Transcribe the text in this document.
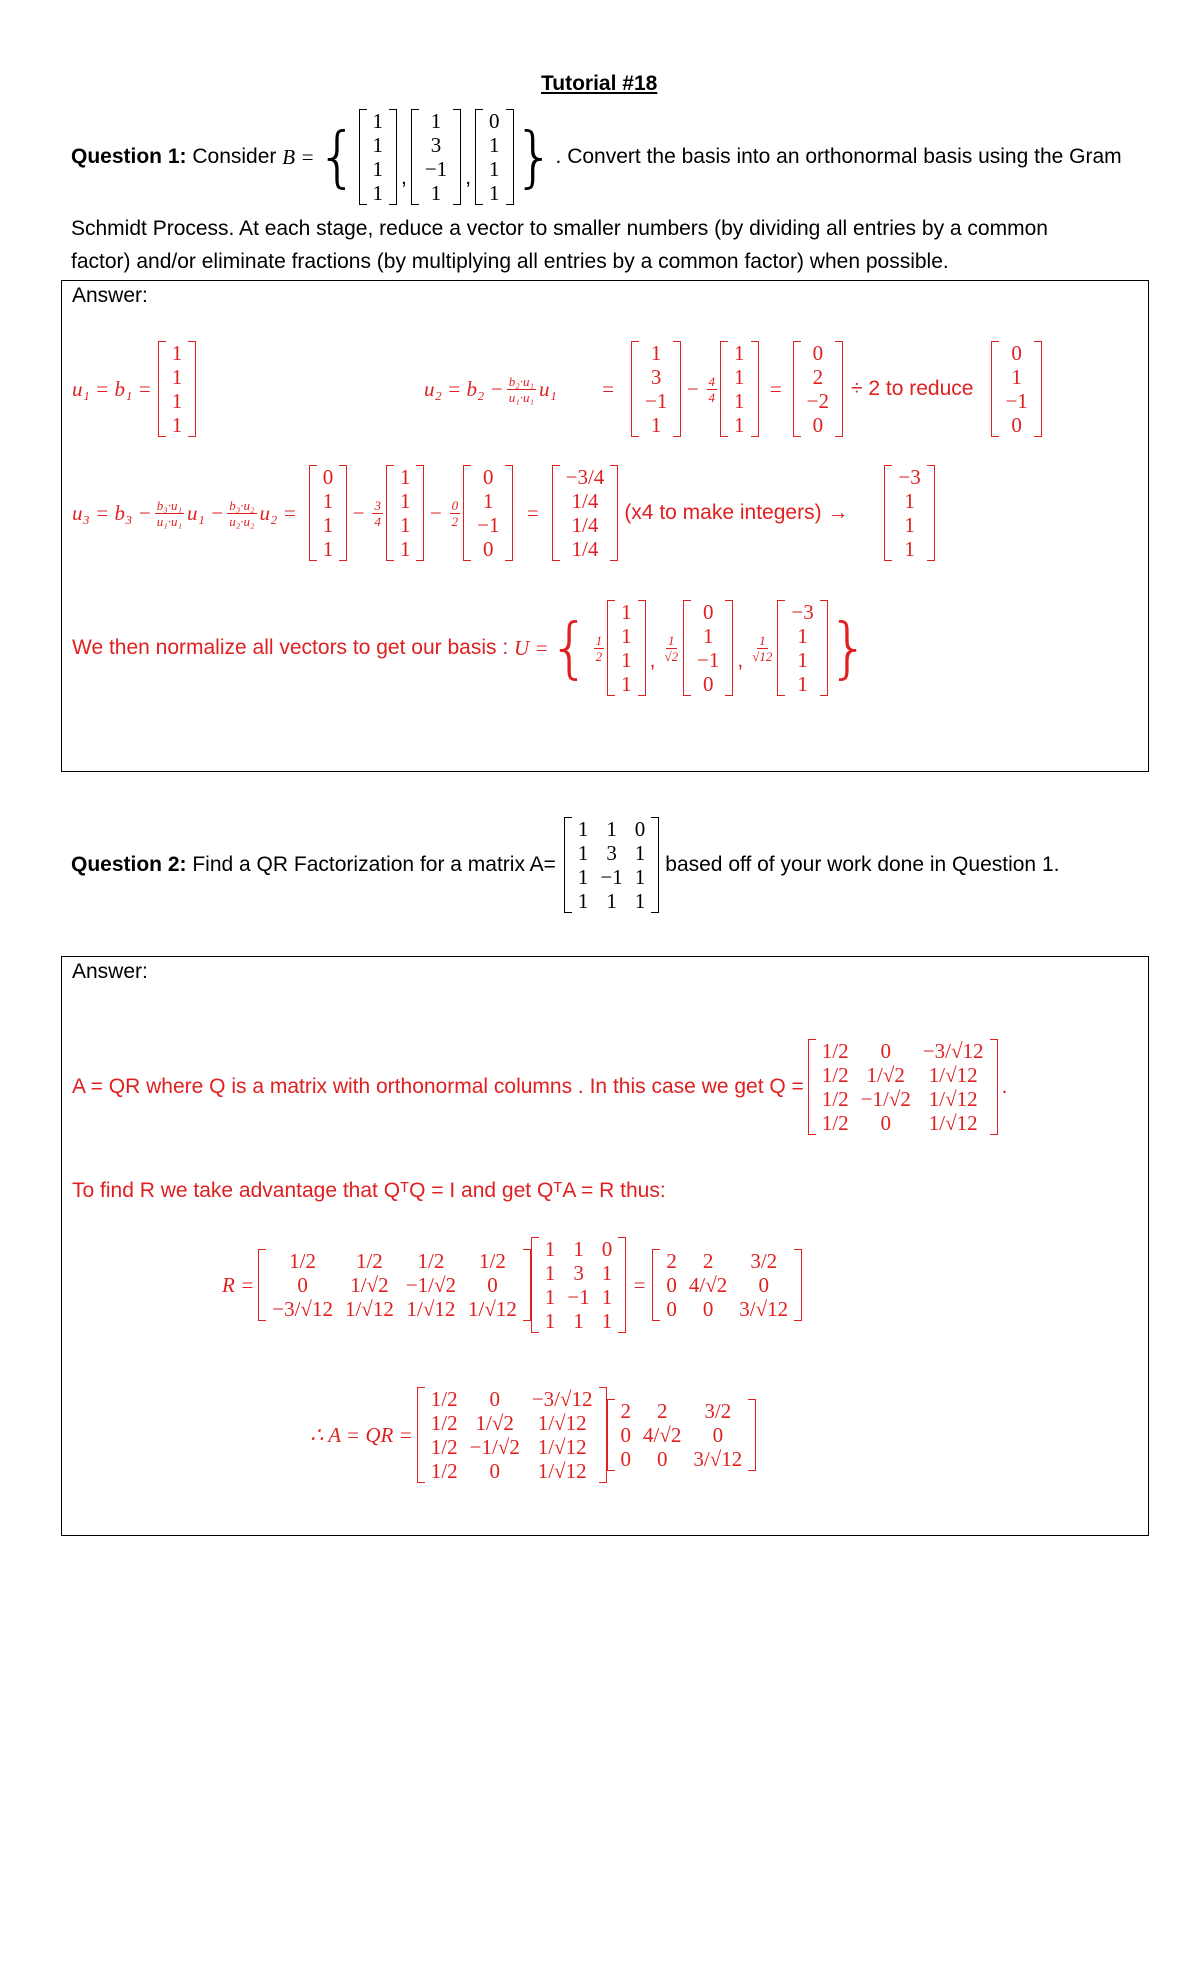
Tutorial #18
Question 1:
Consider
B = { 1
1
1
1
,
1
3
−1
1
,
0
1
1
1 } . Convert the basis into an orthonormal basis using the Gram
Schmidt Process. At each stage, reduce a vector to smaller numbers (by dividing all entries by a common factor) and/or eliminate fractions (by multiplying all entries by a common factor) when possible.
Answer:
u₁ = b₁ =
1
1
1
1
$u_2 = b_2 - \frac{\text{b₂·u₁}}{\text{u₁·u₁}} u_1$ =
1
3
−1
1
− $\frac{4}{4}$
1
1
1
1
=
0
2
−2
0
÷ 2 to reduce
0
1
−1
0
$u_3 = b_3 - \frac{\text{b₃·u₁}}{\text{u₁·u₁}} u_1 - \frac{\text{b₃·u₂}}{\text{u₂·u₂}} u_2$ =
0
1
1
1
− $\frac{3}{4}$
1
1
1
1
− $\frac{0}{2}$
0
1
−1
0
=
−3/4
1/4
1/4
1/4
(x4 to make integers) →
−3
1
1
1
We then normalize all vectors to get our basis :
U = { $\frac{1}{2}$
1
1
1
1
, $\frac{1}{√2}$
0
1
−1
0
, $\frac{1}{√12}$
−3
1
1
1 }
Question 2:
Find a QR Factorization for a matrix A=
1	1	0
1	3	1
1	−1	1
1	1	1
based off of your work done in Question 1.
Answer:
A = QR where Q is a matrix with orthonormal columns . In this case we get Q =
1/2	0	−3/√12
1/2	1/√2	1/√12
1/2	−1/√2	1/√12
1/2	0	1/√12
.
To find R we take advantage that QᵀQ = I and get QᵀA = R thus:
R =
1/2	1/2	1/2	1/2
0	1/√2	−1/√2	0
−3/√12	1/√12	1/√12	1/√12
1	1	0
1	3	1
1	−1	1
1	1	1
=
2	2	3/2
0	4/√2	0
0	0	3/√12
∴ A = QR =
1/2	0	−3/√12
1/2	1/√2	1/√12
1/2	−1/√2	1/√12
1/2	0	1/√12
2	2	3/2
0	4/√2	0
0	0	3/√12
